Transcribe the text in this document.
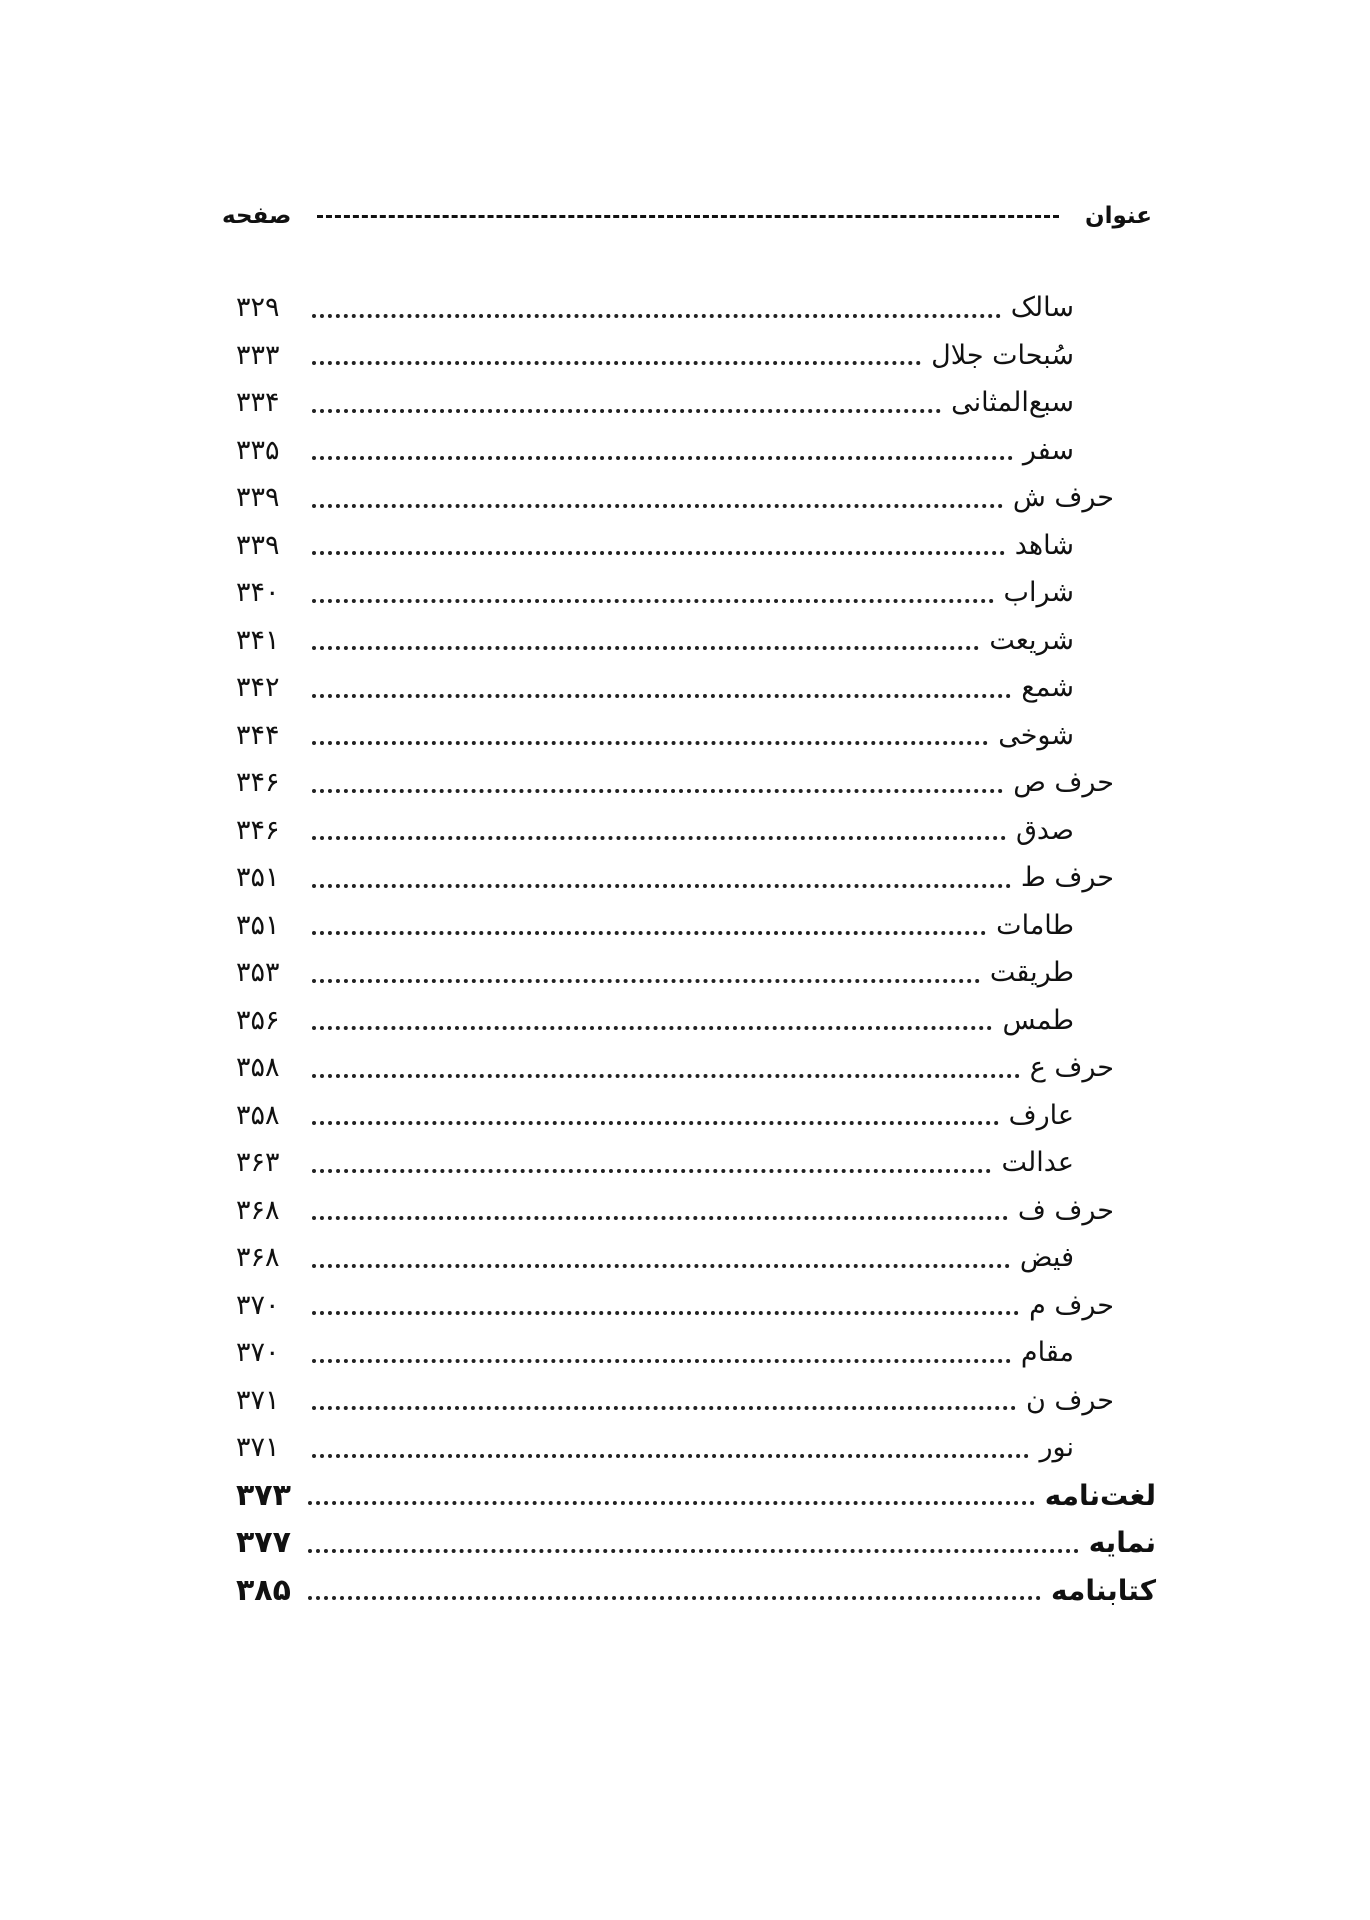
عنوان
صفحه
سالک
۳۲۹
سُبحات جلال
۳۳۳
سبع‌المثانی
۳۳۴
سفر
۳۳۵
حرف ش
۳۳۹
شاهد
۳۳۹
شراب
۳۴۰
شریعت
۳۴۱
شمع
۳۴۲
شوخی
۳۴۴
حرف ص
۳۴۶
صدق
۳۴۶
حرف ط
۳۵۱
طامات
۳۵۱
طریقت
۳۵۳
طمس
۳۵۶
حرف ع
۳۵۸
عارف
۳۵۸
عدالت
۳۶۳
حرف ف
۳۶۸
فیض
۳۶۸
حرف م
۳۷۰
مقام
۳۷۰
حرف ن
۳۷۱
نور
۳۷۱
لغت‌نامه
۳۷۳
نمایه
۳۷۷
کتابنامه
۳۸۵
